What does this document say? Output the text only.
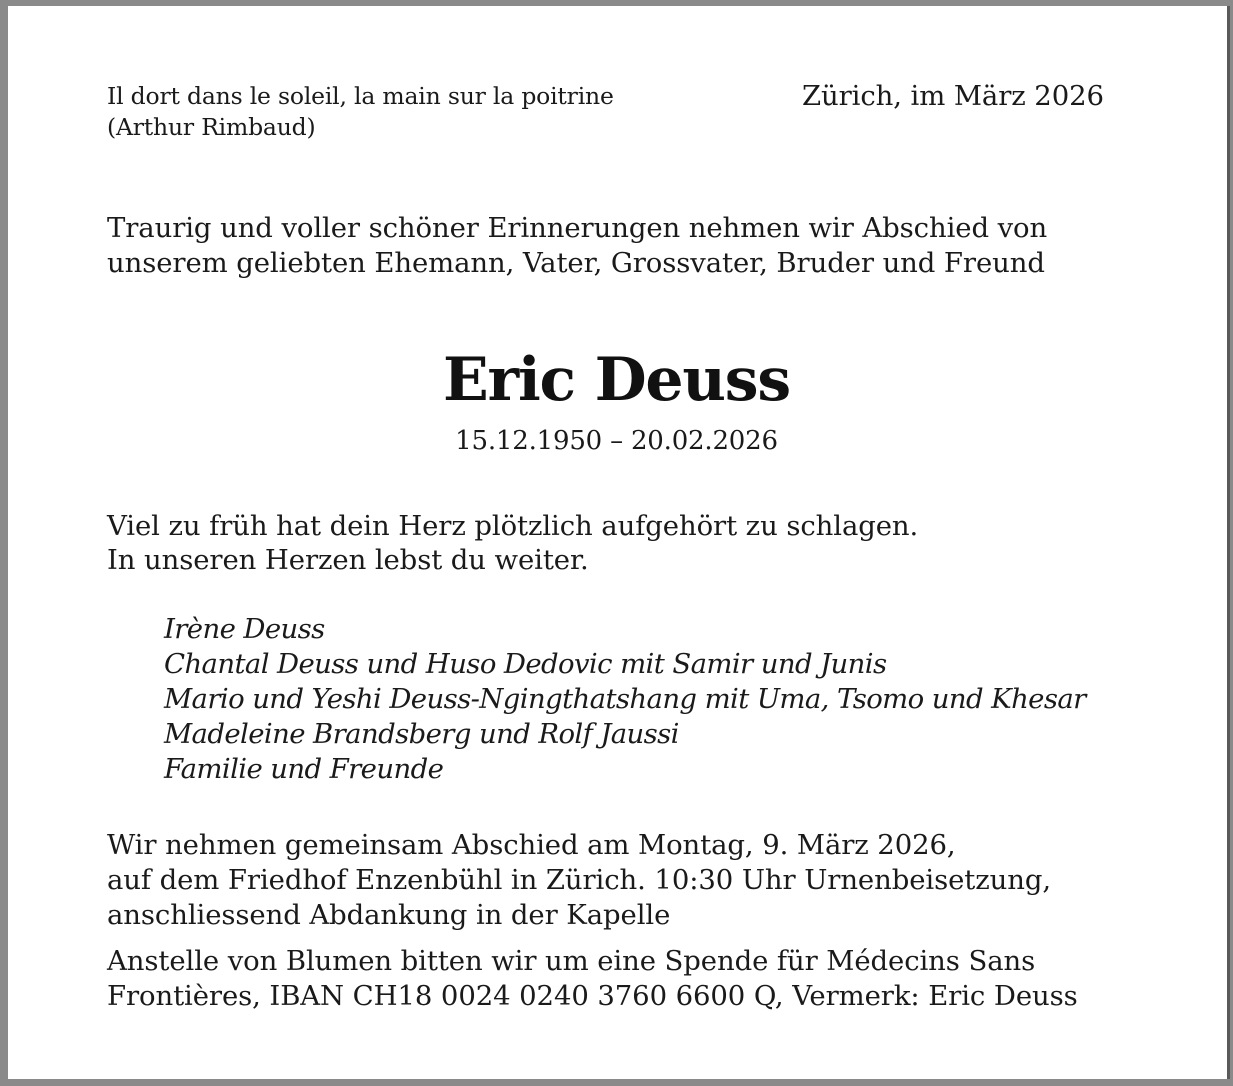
Il dort dans le soleil, la main sur la poitrine
(Arthur Rimbaud)
Zürich, im März 2026
Traurig und voller schöner Erinnerungen nehmen wir Abschied von
unserem geliebten Ehemann, Vater, Grossvater, Bruder und Freund
Eric Deuss
15.12.1950 – 20.02.2026
Viel zu früh hat dein Herz plötzlich aufgehört zu schlagen.
In unseren Herzen lebst du weiter.
Irène Deuss
Chantal Deuss und Huso Dedovic mit Samir und Junis
Mario und Yeshi Deuss-Ngingthatshang mit Uma, Tsomo und Khesar
Madeleine Brandsberg und Rolf Jaussi
Familie und Freunde
Wir nehmen gemeinsam Abschied am Montag, 9. März 2026,
auf dem Friedhof Enzenbühl in Zürich. 10:30 Uhr Urnenbeisetzung,
anschliessend Abdankung in der Kapelle
Anstelle von Blumen bitten wir um eine Spende für Médecins Sans
Frontières, IBAN CH18 0024 0240 3760 6600 Q, Vermerk: Eric Deuss
